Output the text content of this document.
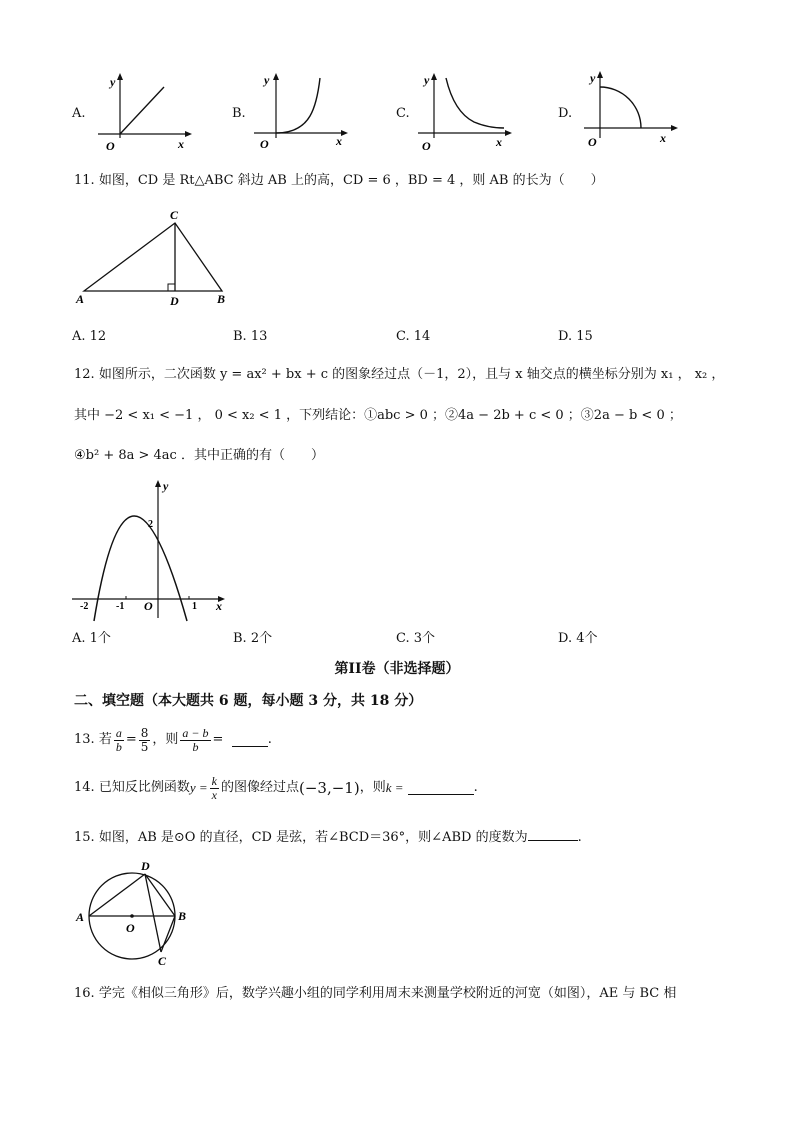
A.
y
x
O
B.
y
x
O
C.
y
x
O
D.
y
x
O
11. 如图，CD 是 Rt△ABC 斜边 AB 上的高，CD = 6 ，BD = 4 ，则 AB 的长为（　　）
C
A	D	B
A. 12	B. 13	C. 14	D. 15
12. 如图所示，二次函数 y = ax² + bx + c 的图象经过点（－1，2），且与 x 轴交点的横坐标分别为 x₁ ， x₂ ，
其中 −2 < x₁ < −1 ， 0 < x₂ < 1 ，下列结论：①abc > 0 ；②4a − 2b + c < 0 ；③2a − b < 0 ；
④b² + 8a > 4ac ．其中正确的有（　　）
y
x
O
2
-2	-1	1
A. 1个	B. 2个	C. 3个	D. 4个
第II卷（非选择题）
二、填空题（本大题共 6 题，每小题 3 分，共 18 分）
13.
若 $\frac{a}{b} = \frac{8}{5}$ ，则 $\frac{a - b}{b}$ =
	.
14.
已知反比例函数 $y = \frac{k}{x}$ 的图像经过点 (−3,−1) ，则 k =
	.
15. 如图，AB 是⊙O 的直径，CD 是弦，若∠BCD＝36°，则∠ABD 的度数为	.
D
A	B
O
C
16. 学完《相似三角形》后，数学兴趣小组的同学利用周末来测量学校附近的河宽（如图），AE 与 BC 相
